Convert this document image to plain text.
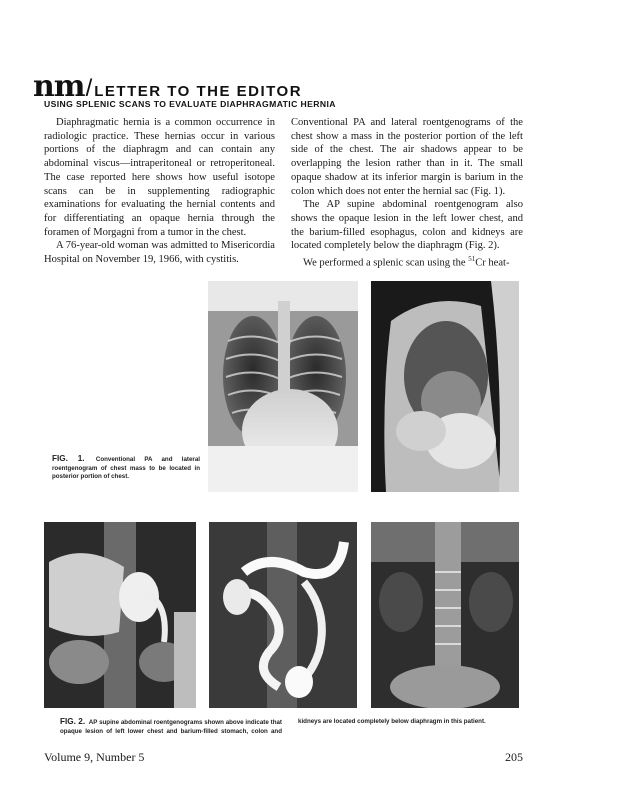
nm / LETTER TO THE EDITOR
USING SPLENIC SCANS TO EVALUATE DIAPHRAGMATIC HERNIA

Diaphragmatic hernia is a common occurrence in radiologic practice. These hernias occur in various portions of the diaphragm and can contain any abdominal viscus—intraperitoneal or retroperitoneal. The case reported here shows how useful isotope scans can be in supplementing radiographic examinations for evaluating the hernial contents and for differentiating an opaque hernia through the foramen of Morgagni from a tumor in the chest.

A 76-year-old woman was admitted to Misericordia Hospital on November 19, 1966, with cystitis.

Conventional PA and lateral roentgenograms of the chest show a mass in the posterior portion of the left side of the chest. The air shadows appear to be overlapping the lesion rather than in it. The small opaque shadow at its inferior margin is barium in the colon which does not enter the hernial sac (Fig. 1).

The AP supine abdominal roentgenogram also shows the opaque lesion in the left lower chest, and the barium-filled esophagus, colon and kidneys are located completely below the diaphragm (Fig. 2).

We performed a splenic scan using the $^{51}$Cr heat-

FIG. 1. Conventional PA and lateral roentgenogram of chest mass to be located in posterior portion of chest.
FIG. 2. AP supine abdominal roentgenograms shown above indicate that opaque lesion of left lower chest and barium-filled stomach, colon and kidneys are located completely below diaphragm in this patient.
Volume 9, Number 5	205
